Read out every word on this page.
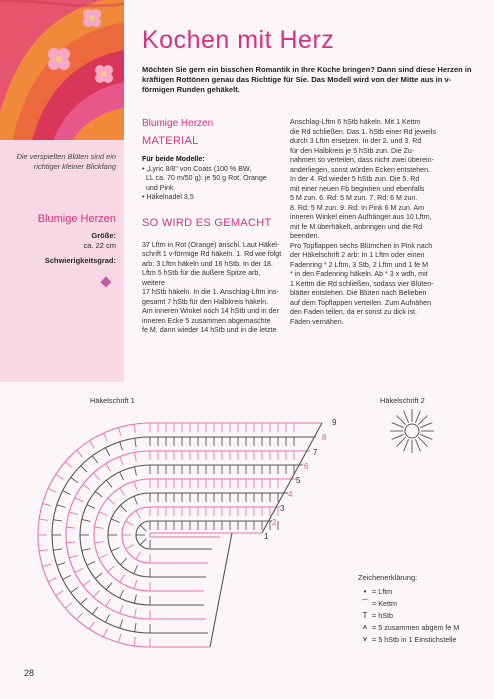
Die verspielten Blüten sind ein richtiger kleiner Blickfang
Blumige Herzen
Größe:
ca. 22 cm
Schwierigkeitsgrad:
Kochen mit Herz
Möchten Sie gern ein bisschen Romantik in Ihre Küche bringen? Dann sind diese Herzen in kräftigen Rottönen genau das Richtige für Sie. Das Modell wird von der Mitte aus in v-förmigen Runden gehäkelt.
Blumige Herzen
MATERIAL
Für beide Modelle:
• „Lyric 8/8" von Coats (100 % BW,
LL ca. 70 m/50 g): je 50 g Rot, Orange
und Pink
• Häkelnadel 3,5
SO WIRD ES GEMACHT
37 Lftm in Rot (Orange) anschl. Laut Häkel-
schrift 1 v-förmige Rd häkeln. 1. Rd wie folgt
arb: 3 Lftm häkeln und 16 hStb. In der 18.
Lftm 5 hStb für die äußere Spitze arb, weitere
17 hStb häkeln. In die 1. Anschlag-Lftm ins-
gesamt 7 hStb für den Halbkreis häkeln.
Am inneren Winkel noch 14 hStb und in der
inneren Ecke 5 zusammen abgemaschte
fe M, dann wieder 14 hStb und in die letzte
Anschlag-Lftm 6 hStb häkeln. Mit 1 Kettm
die Rd schließen. Das 1. hStb einer Rd jeweils
durch 3 Lftm ersetzen. In der 2. und 3. Rd
für den Halbkreis je 5 hStb zun. Die Zu-
nahmen so verteilen, dass nicht zwei überein-
anderliegen, sonst würden Ecken entstehen.
In der 4. Rd wieder 5 hStb zun. Die 5. Rd
mit einer neuen Fb beginnen und ebenfalls
5 M zun. 6. Rd: 5 M zun. 7. Rd: 6 M zun.
8. Rd: 5 M zun. 9. Rd: In Pink 6 M zun. Am
inneren Winkel einen Aufhänger aus 10 Lftm,
mit fe M überhäkelt, anbringen und die Rd
beenden.
Pro Topflappen sechs Blümchen in Pink nach
der Häkelschrift 2 arb: In 1 Lftm oder einen
Fadenring * 2 Lftm, 3 Stb, 2 Lftm und 1 fe M
* in den Fadenring häkeln. Ab * 3 x wdh, mit
1 Kettm die Rd schließen, sodass vier Blüten-
blätter entstehen. Die Blüten nach Belieben
auf dem Topflappen verteilen. Zum Aufnähen
den Faden teilen, da er sonst zu dick ist.
Fäden vernähen.
Häkelschrift 1	Häkelschrift 2
9
8
7
6
5
4
3
2
1
Zeichenerklärung:
• = Lftm
⌒ = Kettm
T = hStb
⩚ = 5 zusammen abgem fe M
⩛ = 5 hStb in 1 Einstichstelle
28
